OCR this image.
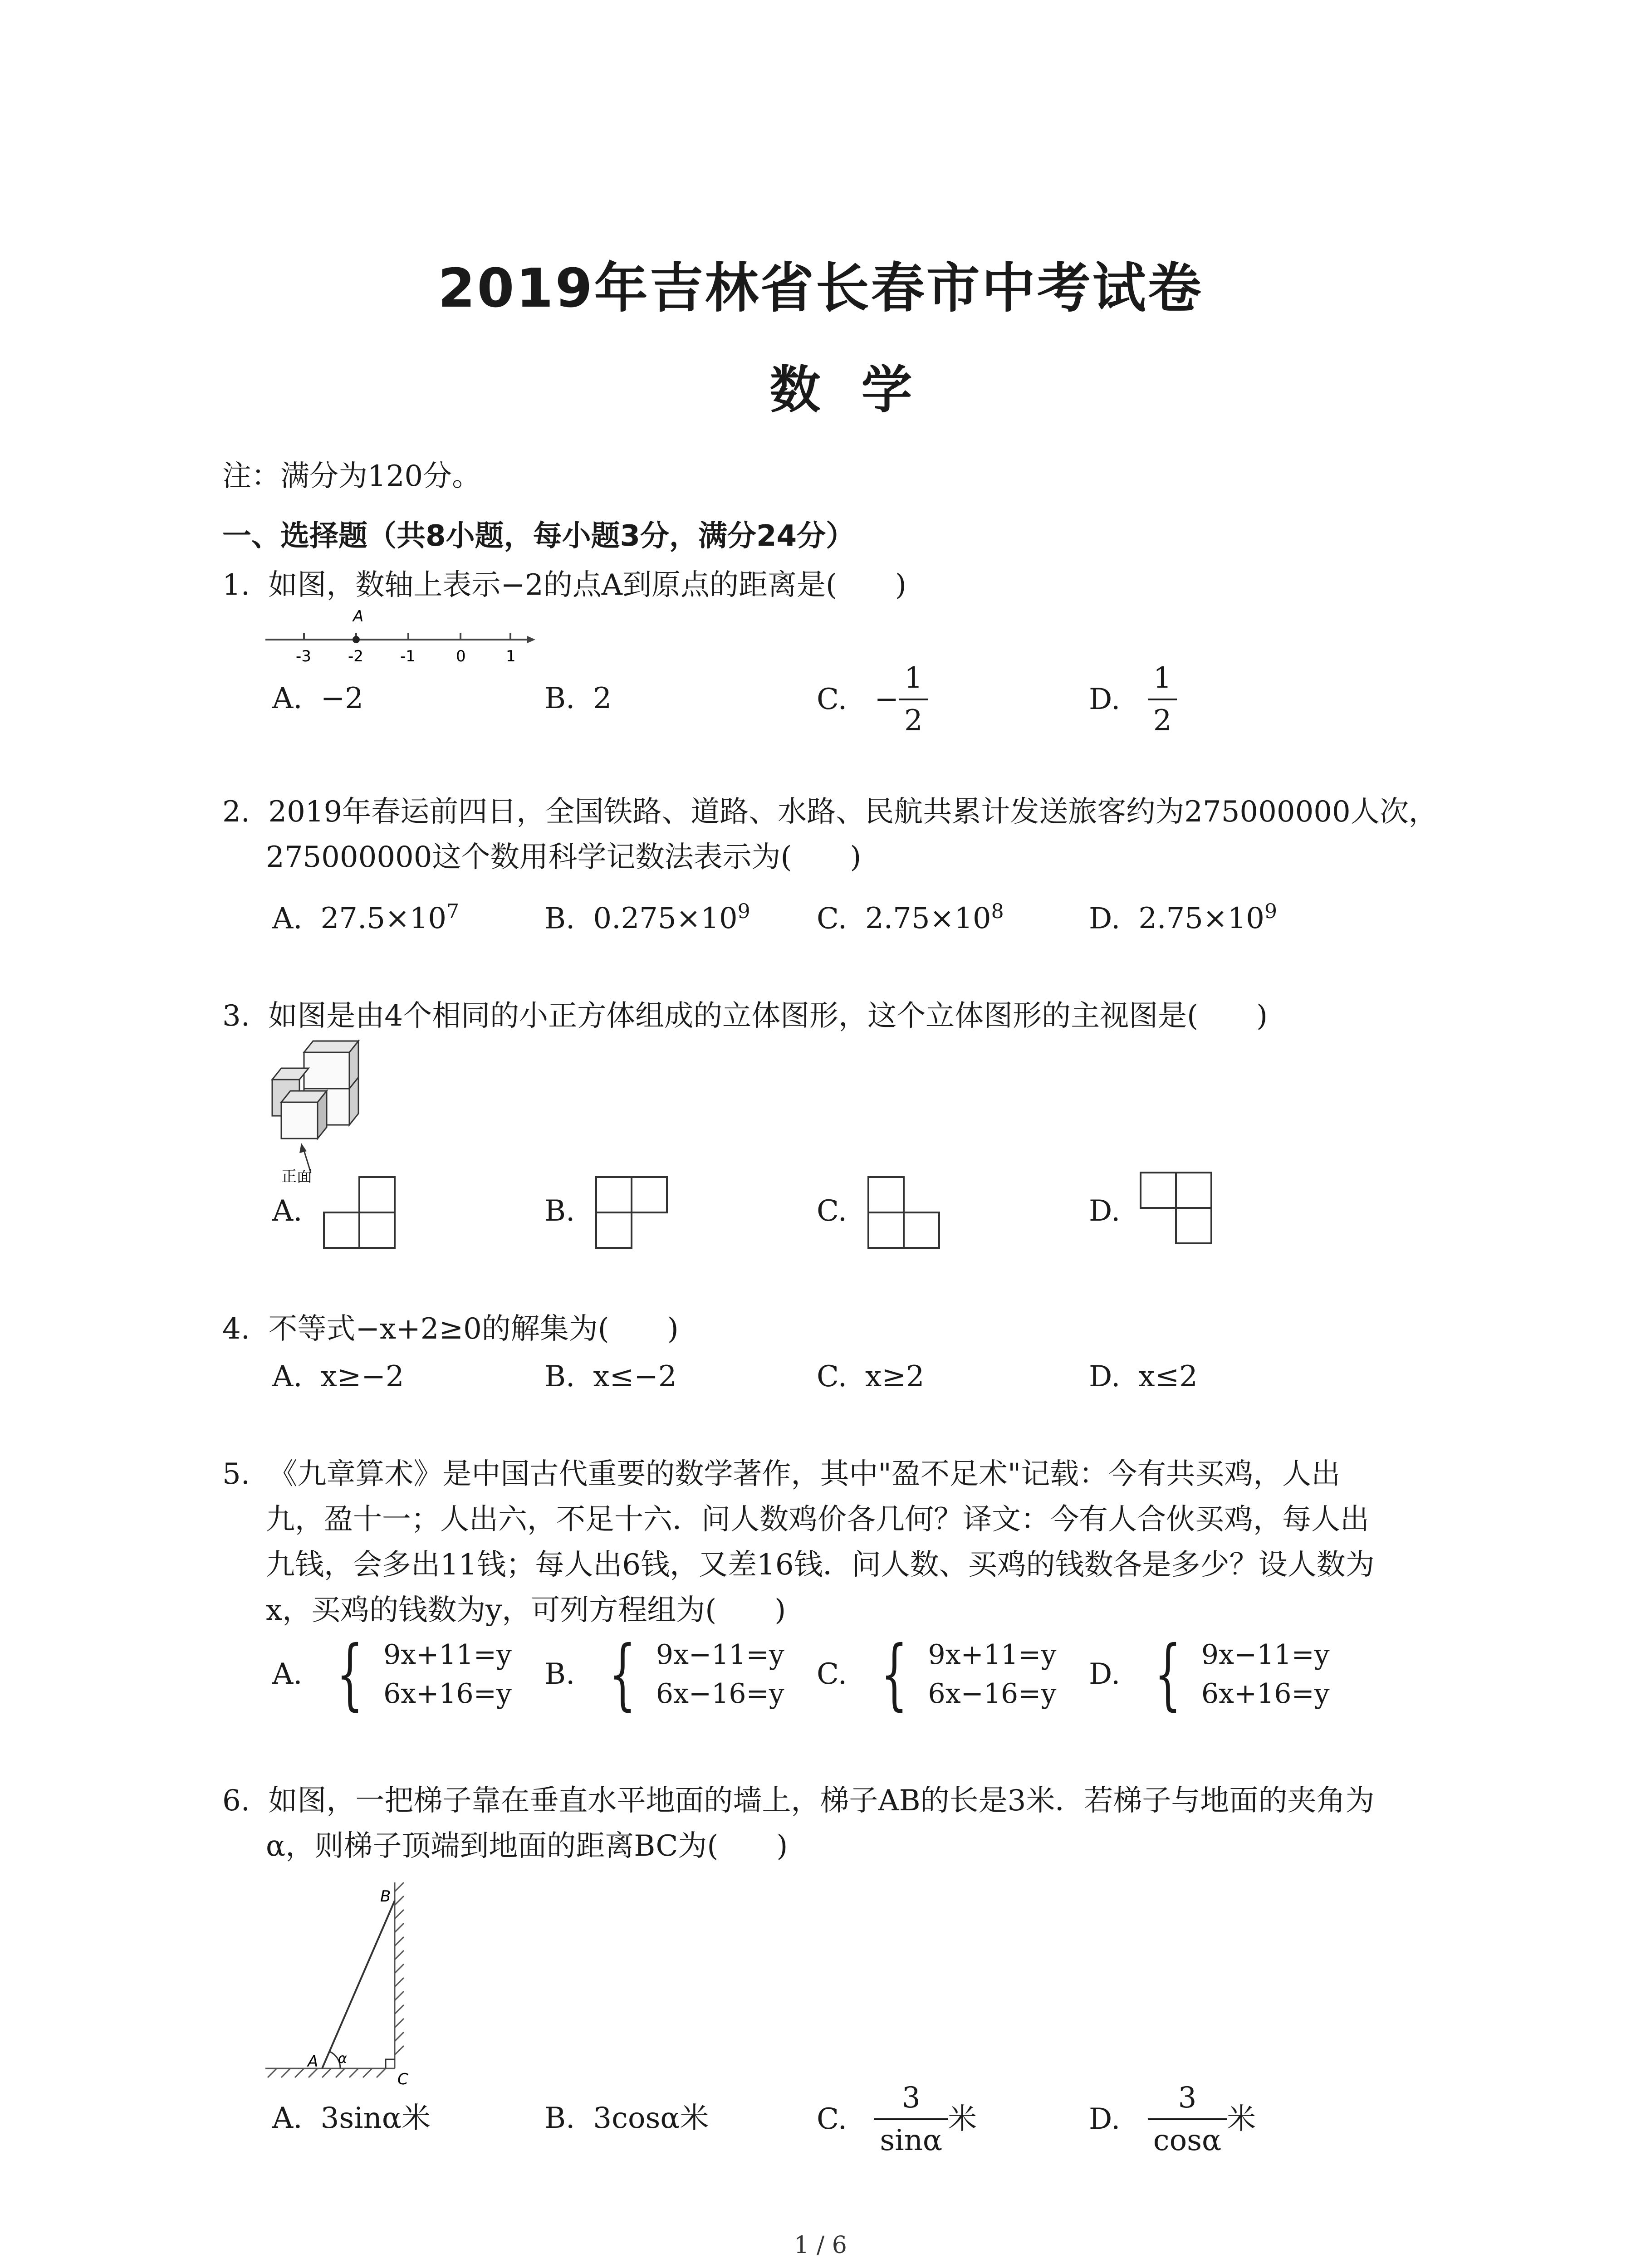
2019年吉林省长春市中考试卷
数学
注：满分为120分。
一、选择题（共8小题，每小题3分，满分24分）
1. 如图，数轴上表示−2的点A到原点的距离是(　　)
A
-3 -2 -1	0	1
A. −2	B. 2	C. − $\frac{1}{2}$	D. $\frac{1}{2}$
2. 2019年春运前四日，全国铁路、道路、水路、民航共累计发送旅客约为275000000人次，
275000000这个数用科学记数法表示为(　　)
A. $27.5\times 10^7$	B. $0.275\times 10^9$ C. $2.75\times 10^8$	D. $2.75\times 10^9$
3. 如图是由4个相同的小正方体组成的立体图形，这个立体图形的主视图是(　　)
正面
A.	B.	C.	D.
4. 不等式−x+2≥0的解集为(　　)
A. x≥−2	B. x≤−2	C. x≥2	D. x≤2
5. 《九章算术》是中国古代重要的数学著作，其中"盈不足术"记载：今有共买鸡，人出
九，盈十一；人出六，不足十六．问人数鸡价各几何？译文：今有人合伙买鸡，每人出
九钱，会多出11钱；每人出6钱，又差16钱．问人数、买鸡的钱数各是多少？设人数为
x，买鸡的钱数为y，可列方程组为(　　)
A. { 9x+11=y
6x+16=y
B. { 9x−11=y
6x−16=y
C. { 9x+11=y
6x−16=y
D. { 9x−11=y
6x+16=y
6. 如图，一把梯子靠在垂直水平地面的墙上，梯子AB的长是3米．若梯子与地面的夹角为
α，则梯子顶端到地面的距离BC为(　　)
B
A
C
α
A. 3sinα米	B. 3cosα米	C. $\frac{3}{\sin\alpha}$ 米	D. $\frac{3}{\cos\alpha}$ 米
1 / 6
